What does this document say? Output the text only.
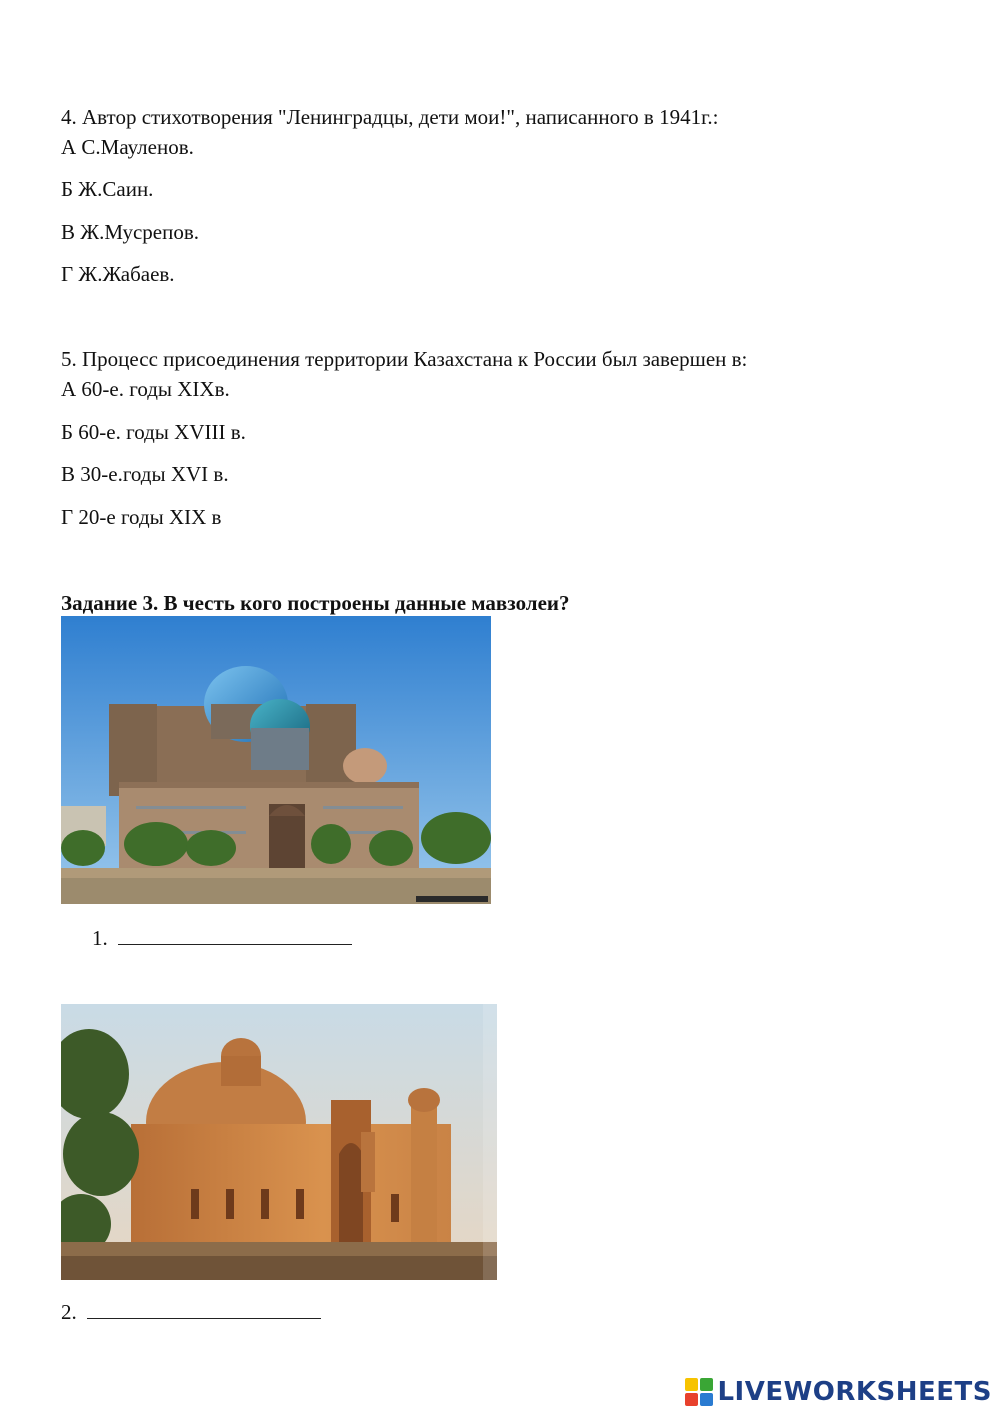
4. Автор стихотворения "Ленинградцы, дети мои!", написанного в 1941г.:
А С.Мауленов.
Б Ж.Саин.
В Ж.Мусрепов.
Г Ж.Жабаев.
5. Процесс присоединения территории Казахстана к России был завершен в:
А 60-е. годы XIXв.
Б 60-е. годы XVIII в.
В 30-е.годы XVI в.
Г 20-е годы XIX в
Задание 3. В честь кого построены данные мавзолеи?
1.
2.
LIVEWORKSHEETS
